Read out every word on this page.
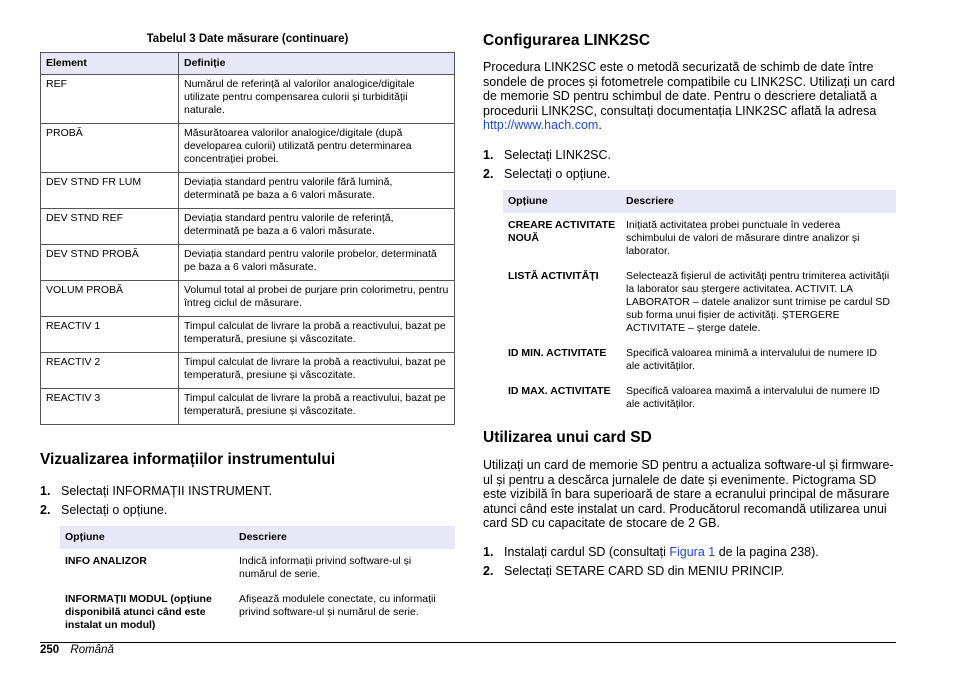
Tabelul 3 Date măsurare (continuare)
Element	Definiție
REF	Numărul de referință al valorilor analogice/digitale utilizate pentru compensarea culorii și turbidității naturale.
PROBĂ	Măsurătoarea valorilor analogice/digitale (după developarea culorii) utilizată pentru determinarea concentrației probei.
DEV STND FR LUM	Deviația standard pentru valorile fără lumină, determinată pe baza a 6 valori măsurate.
DEV STND REF	Deviația standard pentru valorile de referință, determinată pe baza a 6 valori măsurate.
DEV STND PROBĂ	Deviația standard pentru valorile probelor, determinată pe baza a 6 valori măsurate.
VOLUM PROBĂ	Volumul total al probei de purjare prin colorimetru, pentru întreg ciclul de măsurare.
REACTIV 1	Timpul calculat de livrare la probă a reactivului, bazat pe temperatură, presiune și vâscozitate.
REACTIV 2	Timpul calculat de livrare la probă a reactivului, bazat pe temperatură, presiune și vâscozitate.
REACTIV 3	Timpul calculat de livrare la probă a reactivului, bazat pe temperatură, presiune și vâscozitate.
Vizualizarea informațiilor instrumentului
1. Selectați INFORMAȚII INSTRUMENT.
2. Selectați o opțiune.
Opțiune	Descriere
INFO ANALIZOR	Indică informații privind software-ul și numărul de serie.
INFORMAȚII MODUL (opțiune disponibilă atunci când este instalat un modul)	Afișează modulele conectate, cu informații privind software-ul și numărul de serie.
Configurarea LINK2SC

Procedura LINK2SC este o metodă securizată de schimb de date între sondele de proces și fotometrele compatibile cu LINK2SC. Utilizați un card de memorie SD pentru schimbul de date. Pentru o descriere detaliată a procedurii LINK2SC, consultați documentația LINK2SC aflată la adresa http://www.hach.com.

1. Selectați LINK2SC.
2. Selectați o opțiune.
Opțiune	Descriere
CREARE ACTIVITATE NOUĂ	Inițiată activitatea probei punctuale în vederea schimbului de valori de măsurare dintre analizor și laborator.
LISTĂ ACTIVITĂȚI	Selectează fișierul de activități pentru trimiterea activității la laborator sau ștergere activitatea. ACTIVIT. LA LABORATOR – datele analizor sunt trimise pe cardul SD sub forma unui fișier de activități. ȘTERGERE ACTIVITATE – șterge datele.
ID MIN. ACTIVITATE	Specifică valoarea minimă a intervalului de numere ID ale activităților.
ID MAX. ACTIVITATE	Specifică valoarea maximă a intervalului de numere ID ale activităților.
Utilizarea unui card SD

Utilizați un card de memorie SD pentru a actualiza software-ul și firmware-ul și pentru a descărca jurnalele de date și evenimente. Pictograma SD este vizibilă în bara superioară de stare a ecranului principal de măsurare atunci când este instalat un card. Producătorul recomandă utilizarea unui card SD cu capacitate de stocare de 2 GB.

1. Instalați cardul SD (consultați Figura 1 de la pagina 238).
2. Selectați SETARE CARD SD din MENIU PRINCIP.
250 Română
